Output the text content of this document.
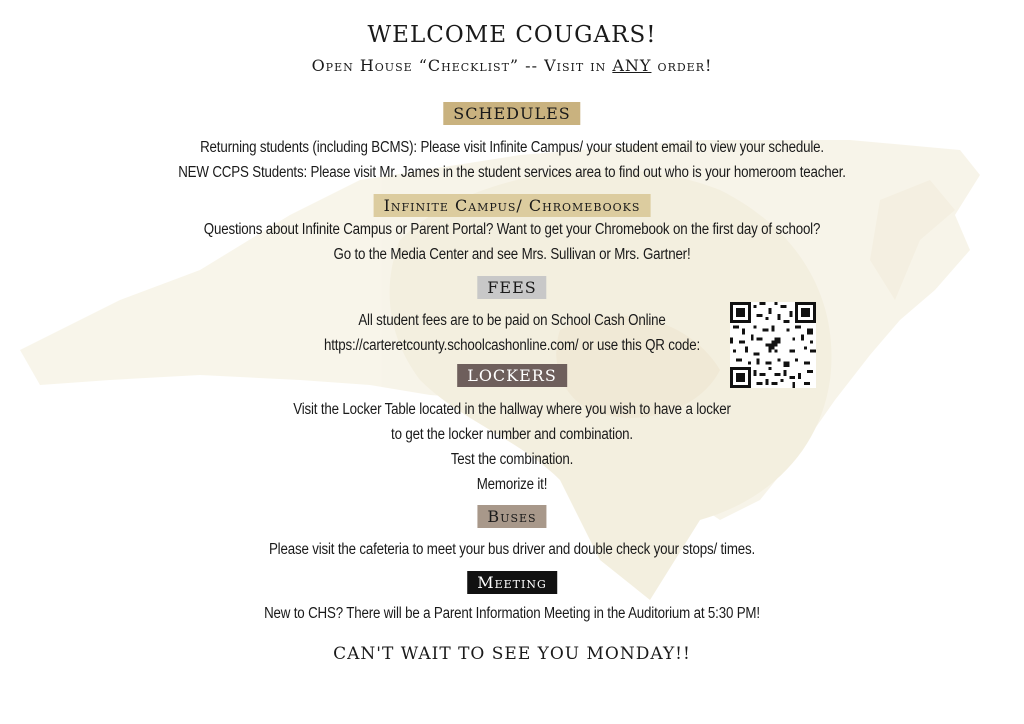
WELCOME COUGARS!
Open House “Checklist” -- Visit in ANY order!
SCHEDULES
Returning students (including BCMS): Please visit Infinite Campus/ your student email to view your schedule.
NEW CCPS Students: Please visit Mr. James in the student services area to find out who is your homeroom teacher.
Infinite Campus/ Chromebooks
Questions about Infinite Campus or Parent Portal? Want to get your Chromebook on the first day of school?
Go to the Media Center and see Mrs. Sullivan or Mrs. Gartner!
FEES
All student fees are to be paid on School Cash Online
https://carteretcounty.schoolcashonline.com/ or use this QR code:
LOCKERS
Visit the Locker Table located in the hallway where you wish to have a locker
to get the locker number and combination.
Test the combination.
Memorize it!
Buses
Please visit the cafeteria to meet your bus driver and double check your stops/ times.
Meeting
New to CHS? There will be a Parent Information Meeting in the Auditorium at 5:30 PM!
CAN'T WAIT TO SEE YOU MONDAY!!
